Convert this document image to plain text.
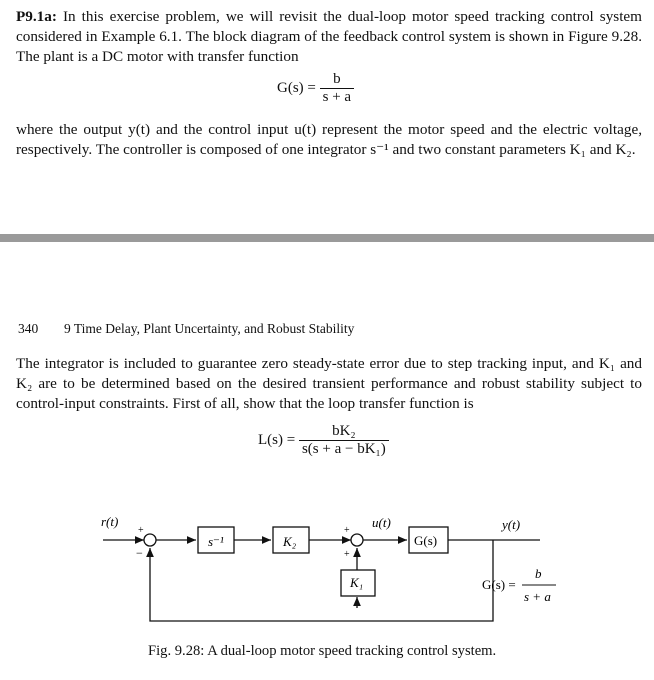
P9.1a: In this exercise problem, we will revisit the dual-loop motor speed tracking control system considered in Example 6.1. The block diagram of the feedback control system is shown in Figure 9.28. The plant is a DC motor with transfer function

$G(s) = \frac{b}{s + a}$

where the output y(t) and the control input u(t) represent the motor speed and the electric voltage, respectively. The controller is composed of one integrator s⁻¹ and two constant parameters K₁ and K₂.

340 9 Time Delay, Plant Uncertainty, and Robust Stability

The integrator is included to guarantee zero steady-state error due to step tracking input, and K₁ and K₂ are to be determined based on the desired transient performance and robust stability subject to control-input constraints. First of all, show that the loop transfer function is

$L(s) = \frac{\text{bK₂}}{\text{s(s + a − bK₁)}}$
r(t)
+
−
s⁻¹	K₂
+
+
u(t)
G(s)
y(t)
K₁	G(s) =
b
s + a
Fig. 9.28: A dual-loop motor speed tracking control system.
